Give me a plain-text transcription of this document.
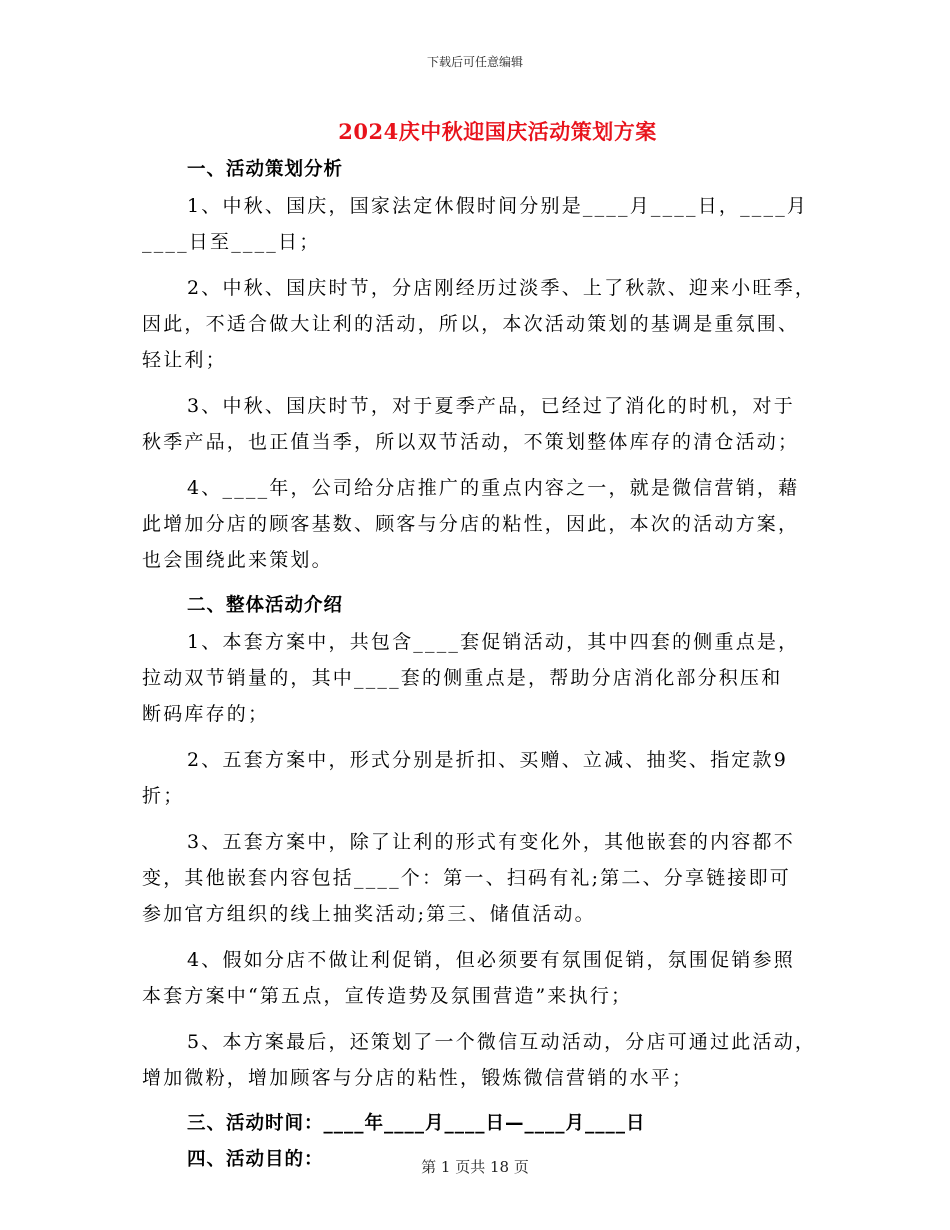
下载后可任意编辑
2024庆中秋迎国庆活动策划方案
一、活动策划分析
1、中秋、国庆，国家法定休假时间分别是____月____日，____月
____日至____日；
2、中秋、国庆时节，分店刚经历过淡季、上了秋款、迎来小旺季，
因此，不适合做大让利的活动，所以，本次活动策划的基调是重氛围、
轻让利；
3、中秋、国庆时节，对于夏季产品，已经过了消化的时机，对于
秋季产品，也正值当季，所以双节活动，不策划整体库存的清仓活动；
4、____年，公司给分店推广的重点内容之一，就是微信营销，藉
此增加分店的顾客基数、顾客与分店的粘性，因此，本次的活动方案，
也会围绕此来策划。
二、整体活动介绍
1、本套方案中，共包含____套促销活动，其中四套的侧重点是，
拉动双节销量的，其中____套的侧重点是，帮助分店消化部分积压和
断码库存的；
2、五套方案中，形式分别是折扣、买赠、立减、抽奖、指定款9
折；
3、五套方案中，除了让利的形式有变化外，其他嵌套的内容都不
变，其他嵌套内容包括____个：第一、扫码有礼;第二、分享链接即可
参加官方组织的线上抽奖活动;第三、储值活动。
4、假如分店不做让利促销，但必须要有氛围促销，氛围促销参照
本套方案中“第五点，宣传造势及氛围营造”来执行；
5、本方案最后，还策划了一个微信互动活动，分店可通过此活动，
增加微粉，增加顾客与分店的粘性，锻炼微信营销的水平；
三、活动时间：____年____月____日—____月____日
四、活动目的：	第 1 页共 18 页
